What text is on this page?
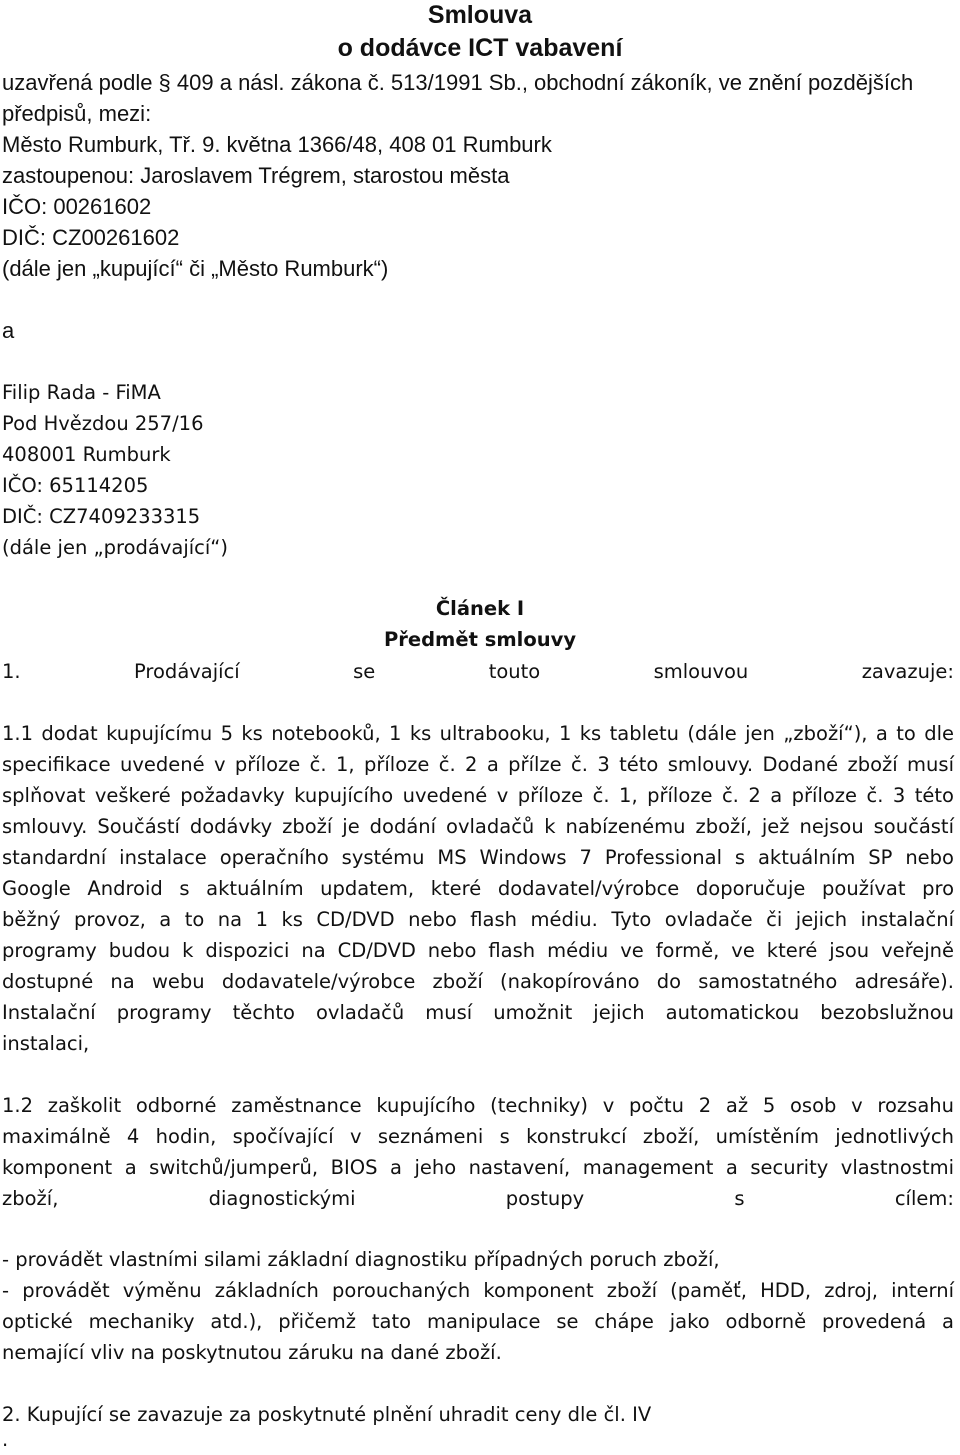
Smlouva
o dodávce ICT vabavení
uzavřená podle § 409 a násl. zákona č. 513/1991 Sb., obchodní zákoník, ve znění pozdějších
předpisů, mezi:
Město Rumburk, Tř. 9. května 1366/48, 408 01 Rumburk
zastoupenou: Jaroslavem Trégrem, starostou města
IČO: 00261602
DIČ: CZ00261602
(dále jen „kupující“ či „Město Rumburk“)
a
Filip Rada - FiMA
Pod Hvězdou 257/16
408001 Rumburk
IČO: 65114205
DIČ: CZ7409233315
(dále jen „prodávající“)
Článek I
Předmět smlouvy
1.	Prodávající	se	touto	smlouvou	zavazuje:
1.1 dodat kupujícímu 5 ks notebooků, 1 ks ultrabooku, 1 ks tabletu (dále jen „zboží“), a to dle
specifikace uvedené v příloze č. 1, příloze č. 2 a přílze č. 3 této smlouvy. Dodané zboží musí
splňovat veškeré požadavky kupujícího uvedené v příloze č. 1, příloze č. 2 a příloze č. 3 této
smlouvy. Součástí dodávky zboží je dodání ovladačů k nabízenému zboží, jež nejsou součástí
standardní instalace operačního systému MS Windows 7 Professional s aktuálním SP nebo
Google Android s aktuálním updatem, které dodavatel/výrobce doporučuje používat pro
běžný provoz, a to na 1 ks CD/DVD nebo flash médiu. Tyto ovladače či jejich instalační
programy budou k dispozici na CD/DVD nebo flash médiu ve formě, ve které jsou veřejně
dostupné na webu dodavatele/výrobce zboží (nakopírováno do samostatného adresáře).
Instalační programy těchto ovladačů musí umožnit jejich automatickou bezobslužnou
instalaci,
1.2 zaškolit odborné zaměstnance kupujícího (techniky) v počtu 2 až 5 osob v rozsahu
maximálně 4 hodin, spočívající v seznámeni s konstrukcí zboží, umístěním jednotlivých
komponent a switchů/jumperů, BIOS a jeho nastavení, management a security vlastnostmi
zboží,	diagnostickými	postupy	s	cílem:
- provádět vlastními silami základní diagnostiku případných poruch zboží,
- provádět výměnu základních porouchaných komponent zboží (paměť, HDD, zdroj, interní
optické mechaniky atd.), přičemž tato manipulace se chápe jako odborně provedená a
nemající vliv na poskytnutou záruku na dané zboží.
2. Kupující se zavazuje za poskytnuté plnění uhradit ceny dle čl. IV
.
